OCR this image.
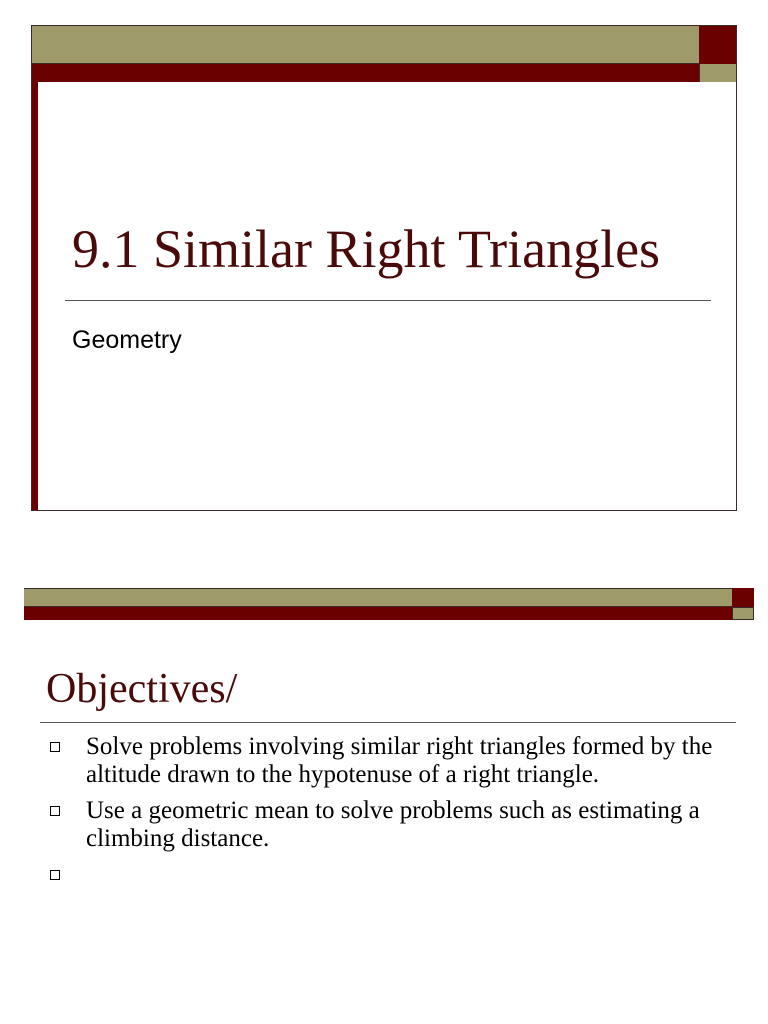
9.1 Similar Right Triangles
Geometry
Objectives/
Solve problems involving similar right triangles formed by the altitude drawn to the hypotenuse of a right triangle.
Use a geometric mean to solve problems such as estimating a climbing distance.
